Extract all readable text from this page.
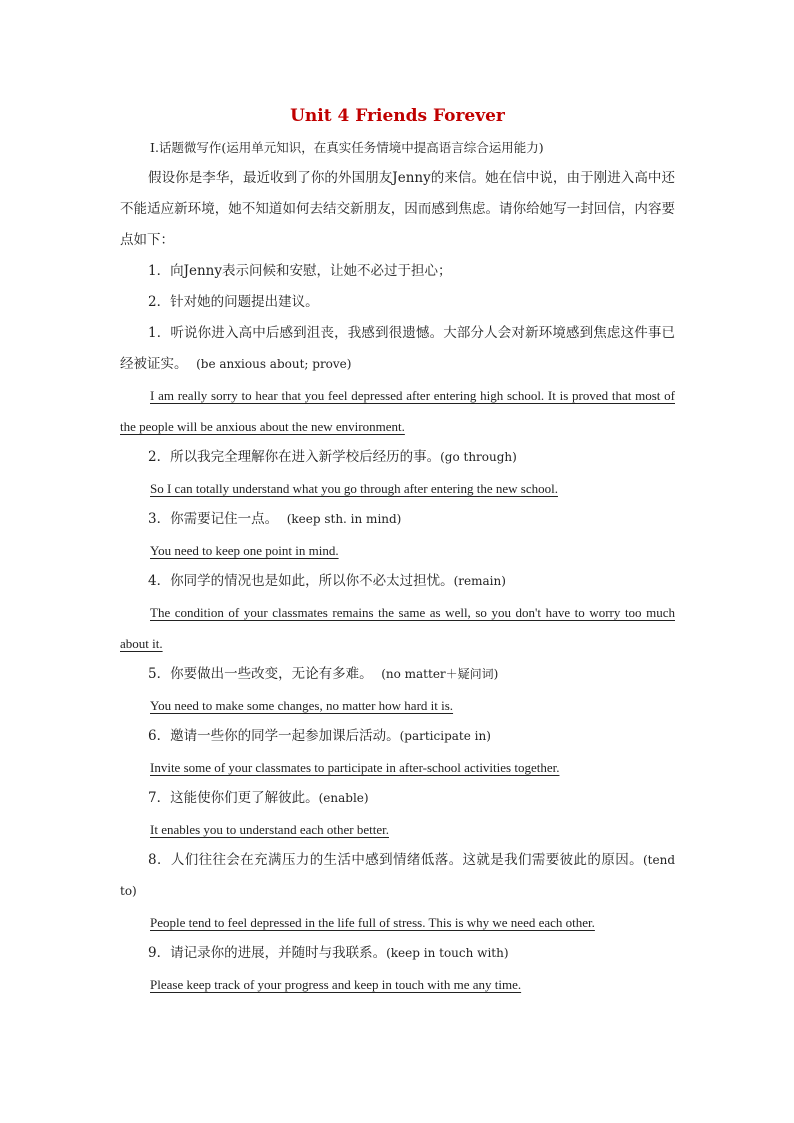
Unit 4 Friends Forever

Ⅰ.话题微写作(运用单元知识，在真实任务情境中提高语言综合运用能力)

假设你是李华，最近收到了你的外国朋友Jenny的来信。她在信中说，由于刚进入高中还不能适应新环境，她不知道如何去结交新朋友，因而感到焦虑。请你给她写一封回信，内容要点如下：

1．向Jenny表示问候和安慰，让她不必过于担心；

2．针对她的问题提出建议。

1．听说你进入高中后感到沮丧，我感到很遗憾。大部分人会对新环境感到焦虑这件事已经被证实。 (be anxious about; prove)

I am really sorry to hear that you feel depressed after entering high school. It is proved that most of the people will be anxious about the new environment.

2．所以我完全理解你在进入新学校后经历的事。(go through)

So I can totally understand what you go through after entering the new school.

3．你需要记住一点。 (keep sth. in mind)

You need to keep one point in mind.

4．你同学的情况也是如此，所以你不必太过担忧。(remain)

The condition of your classmates remains the same as well, so you don't have to worry too much about it.

5．你要做出一些改变，无论有多难。 (no matter＋疑问词)

You need to make some changes, no matter how hard it is.

6．邀请一些你的同学一起参加课后活动。(participate in)

Invite some of your classmates to participate in after-school activities together.

7．这能使你们更了解彼此。(enable)

It enables you to understand each other better.

8．人们往往会在充满压力的生活中感到情绪低落。这就是我们需要彼此的原因。(tend to)

People tend to feel depressed in the life full of stress. This is why we need each other.

9．请记录你的进展，并随时与我联系。(keep in touch with)

Please keep track of your progress and keep in touch with me any time.
